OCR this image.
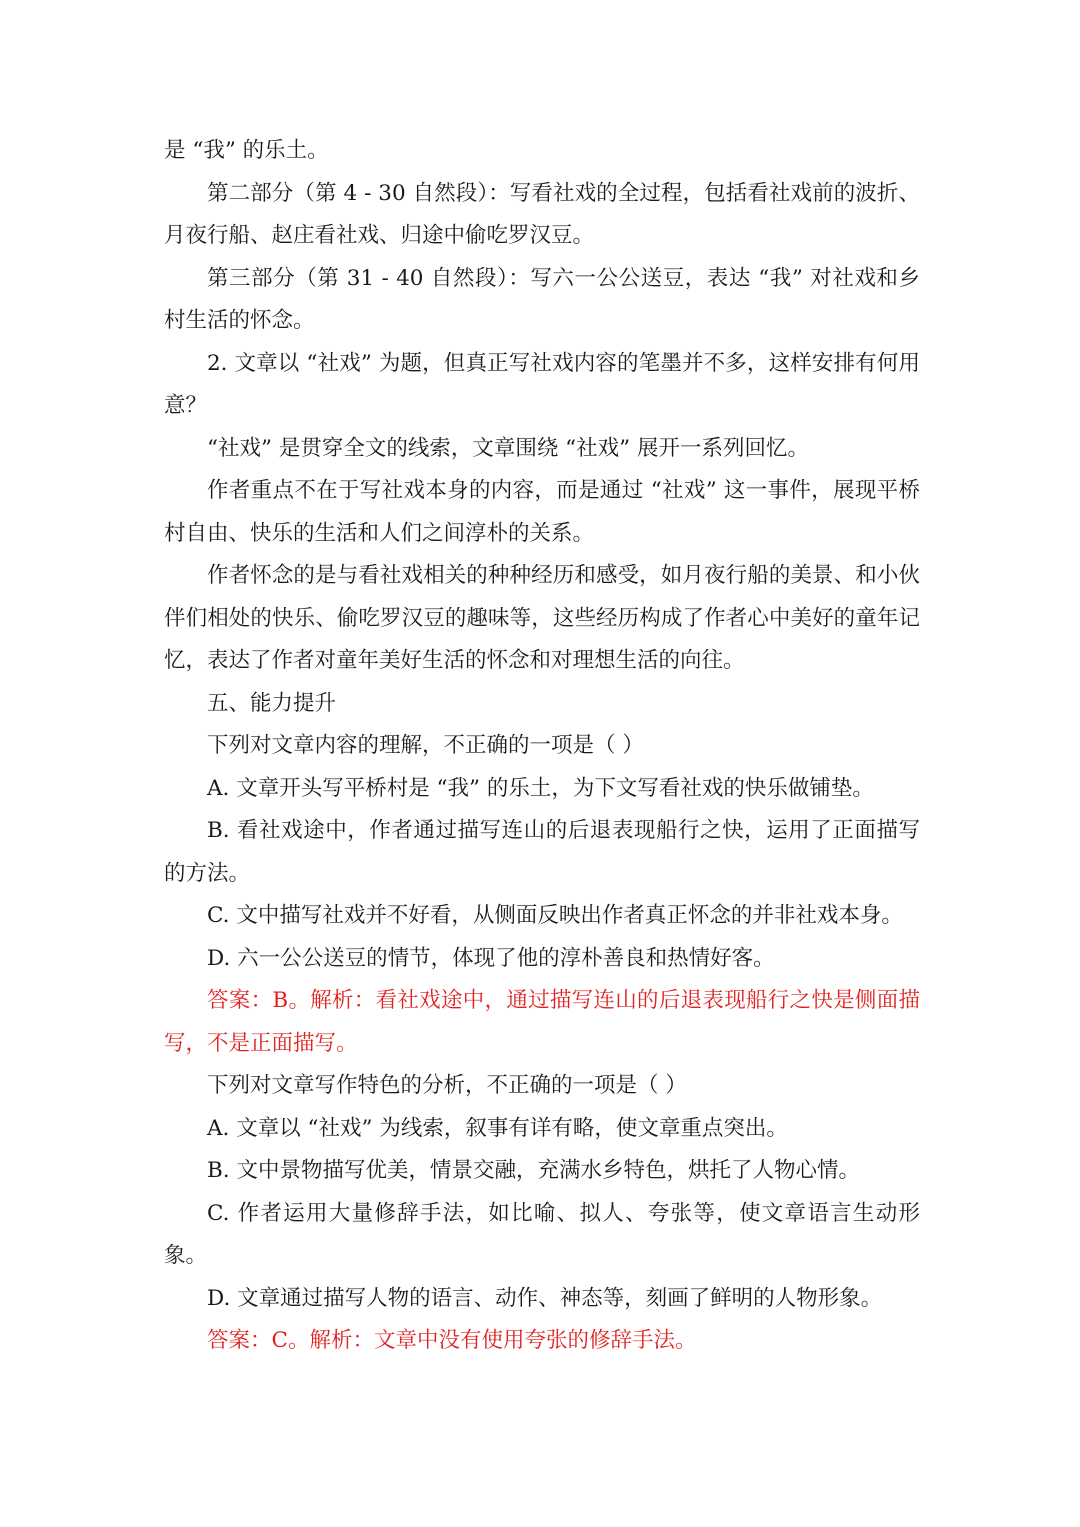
是 “我” 的乐土。

第二部分（第 4 - 30 自然段）：写看社戏的全过程，包括看社戏前的波折、月夜行船、赵庄看社戏、归途中偷吃罗汉豆。

第三部分（第 31 - 40 自然段）：写六一公公送豆，表达 “我” 对社戏和乡村生活的怀念。

2. 文章以 “社戏” 为题，但真正写社戏内容的笔墨并不多，这样安排有何用意？

“社戏” 是贯穿全文的线索，文章围绕 “社戏” 展开一系列回忆。

作者重点不在于写社戏本身的内容，而是通过 “社戏” 这一事件，展现平桥村自由、快乐的生活和人们之间淳朴的关系。

作者怀念的是与看社戏相关的种种经历和感受，如月夜行船的美景、和小伙伴们相处的快乐、偷吃罗汉豆的趣味等，这些经历构成了作者心中美好的童年记忆，表达了作者对童年美好生活的怀念和对理想生活的向往。

五、能力提升

下列对文章内容的理解，不正确的一项是（ ）

A. 文章开头写平桥村是 “我” 的乐土，为下文写看社戏的快乐做铺垫。

B. 看社戏途中，作者通过描写连山的后退表现船行之快，运用了正面描写的方法。

C. 文中描写社戏并不好看，从侧面反映出作者真正怀念的并非社戏本身。

D. 六一公公送豆的情节，体现了他的淳朴善良和热情好客。

答案：B。解析：看社戏途中，通过描写连山的后退表现船行之快是侧面描写，不是正面描写。

下列对文章写作特色的分析，不正确的一项是（ ）

A. 文章以 “社戏” 为线索，叙事有详有略，使文章重点突出。

B. 文中景物描写优美，情景交融，充满水乡特色，烘托了人物心情。

C. 作者运用大量修辞手法，如比喻、拟人、夸张等，使文章语言生动形象。

D. 文章通过描写人物的语言、动作、神态等，刻画了鲜明的人物形象。

答案：C。解析：文章中没有使用夸张的修辞手法。
